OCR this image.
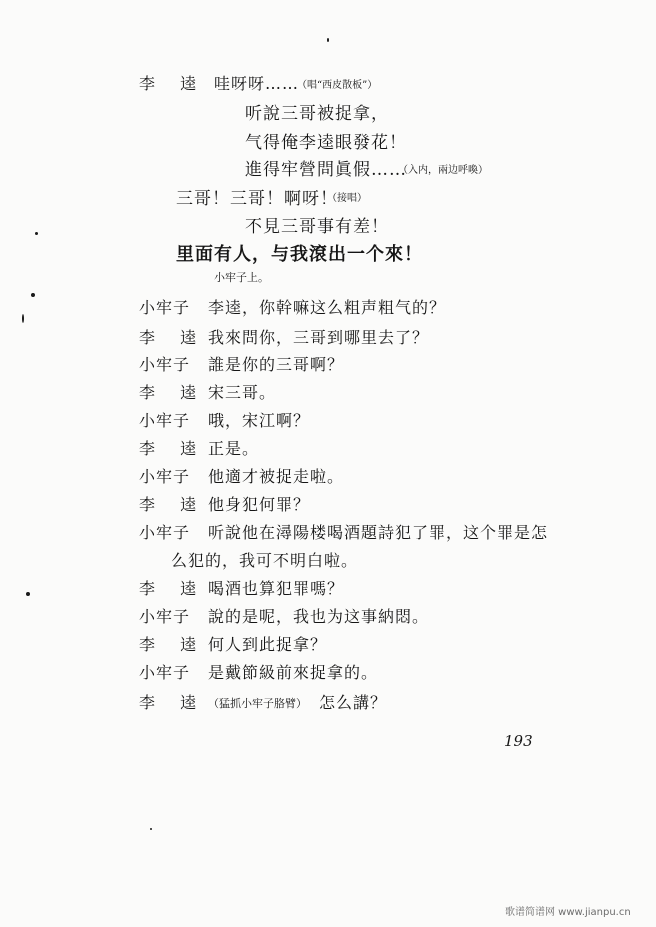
李 逵 哇呀呀……
（唱“西皮散板”）
听說三哥被捉拿，
气得俺李逵眼發花！
進得牢營問眞假……
（入内，兩边呼喚）
三哥！三哥！啊呀！
（接唱）
不見三哥事有差！
里面有人，与我滾出一个來！
小牢子上。
小牢子 李逵，你幹嘛这么粗声粗气的？
李 逵 我來問你，三哥到哪里去了？
小牢子 誰是你的三哥啊？
李 逵 宋三哥。
小牢子 哦，宋江啊？
李 逵 正是。
小牢子 他適才被捉走啦。
李 逵 他身犯何罪？
小牢子 听說他在潯陽楼喝酒題詩犯了罪，这个罪是怎
么犯的，我可不明白啦。
李 逵 喝酒也算犯罪嗎？
小牢子 說的是呢，我也为这事納悶。
李 逵 何人到此捉拿？
小牢子 是戴節級前來捉拿的。
李 逵 （猛抓小牢子胳臂） 怎么講？
193
歌谱简谱网 www.jianpu.cn
